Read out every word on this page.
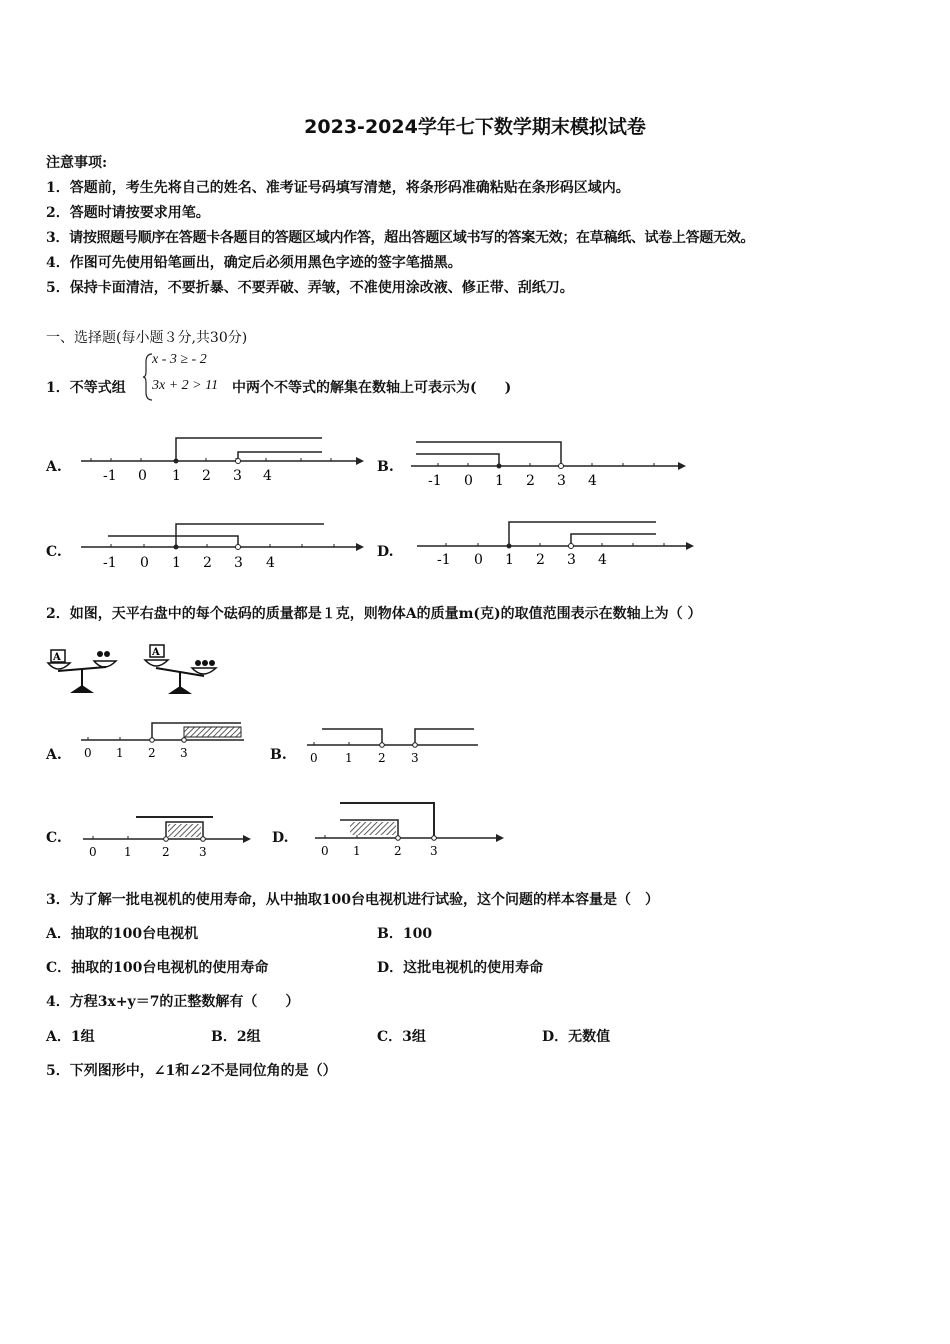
2023-2024学年七下数学期末模拟试卷
注意事项:
1．答题前，考生先将自己的姓名、准考证号码填写清楚，将条形码准确粘贴在条形码区域内。
2．答题时请按要求用笔。
3．请按照题号顺序在答题卡各题目的答题区域内作答，超出答题区域书写的答案无效；在草稿纸、试卷上答题无效。
4．作图可先使用铅笔画出，确定后必须用黑色字迹的签字笔描黑。
5．保持卡面清洁，不要折暴、不要弄破、弄皱，不准使用涂改液、修正带、刮纸刀。
一、选择题(每小题３分,共30分)
1．不等式组
x - 3 ≥ - 2
3x + 2 > 11 中两个不等式的解集在数轴上可表示为(　　)
A.	B.
C.	D.
-1 0 1 2 3 4	-1 0 1 2 3 4
-1 0 1 2 3 4	-1 0 1 2 3 4
2．如图，天平右盘中的每个砝码的质量都是１克，则物体A的质量m(克)的取值范围表示在数轴上为（ ）
A	A
A.	B.
C.	D.
0 1 2 3	0 1 2 3
0 1	2 3	0 1	2 3
3．为了解一批电视机的使用寿命，从中抽取100台电视机进行试验，这个问题的样本容量是（　）
A．抽取的100台电视机	B．100
C．抽取的100台电视机的使用寿命	D．这批电视机的使用寿命
4．方程3x+y＝7的正整数解有（　　）
A．1组	B．2组	C．3组	D．无数值
5．下列图形中，∠1和∠2不是同位角的是（）
